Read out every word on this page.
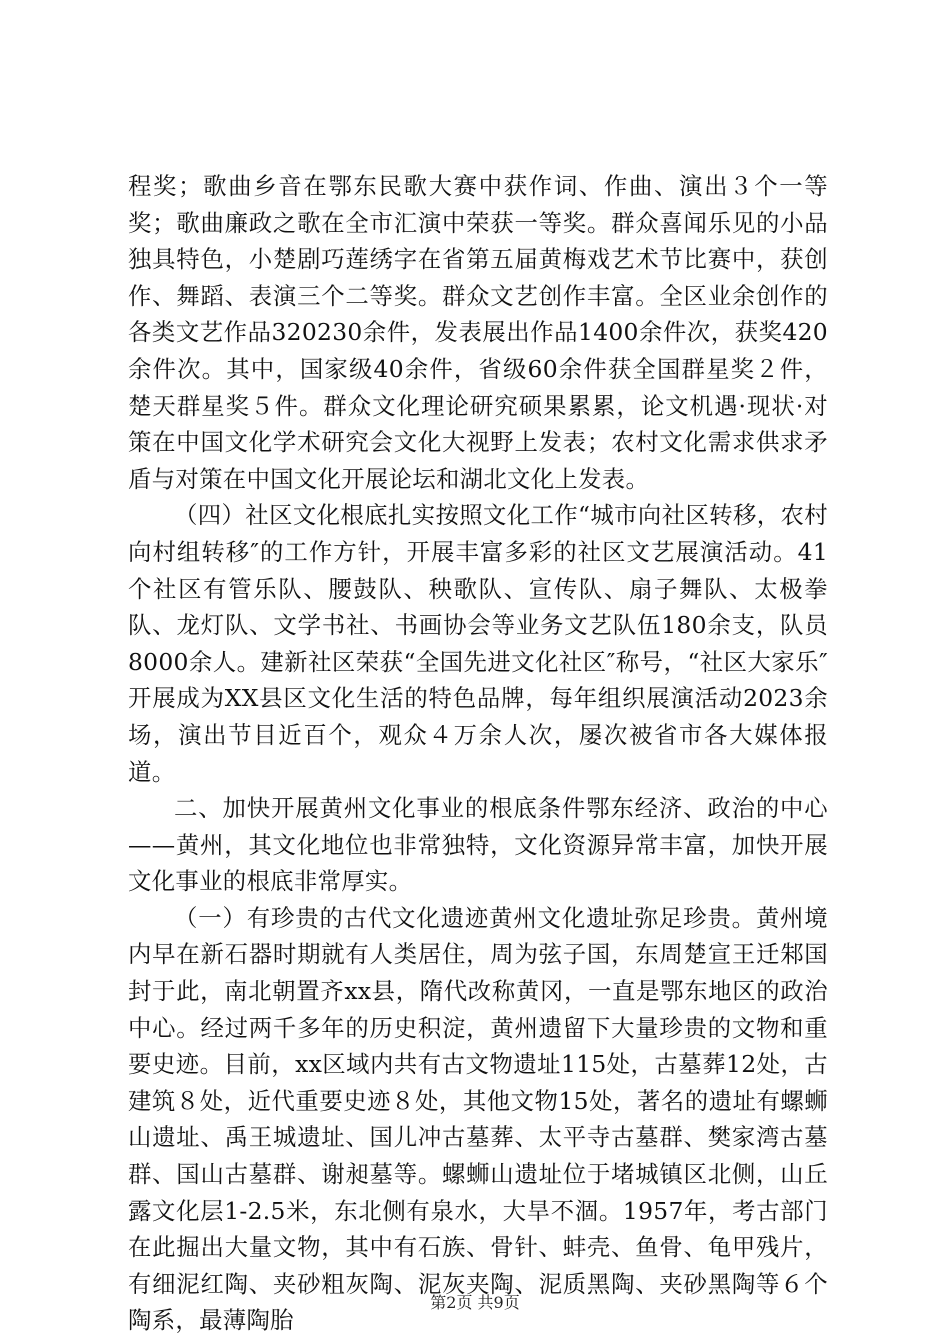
程奖；歌曲乡音在鄂东民歌大赛中获作词、作曲、演出３个一等奖；歌曲廉政之歌在全市汇演中荣获一等奖。群众喜闻乐见的小品独具特色，小楚剧巧莲绣字在省第五届黄梅戏艺术节比赛中，获创作、舞蹈、表演三个二等奖。群众文艺创作丰富。全区业余创作的各类文艺作品320230余件，发表展出作品1400余件次，获奖420余件次。其中，国家级40余件，省级60余件获全国群星奖２件，楚天群星奖５件。群众文化理论研究硕果累累，论文机遇·现状·对策在中国文化学术研究会文化大视野上发表；农村文化需求供求矛盾与对策在中国文化开展论坛和湖北文化上发表。

（四）社区文化根底扎实按照文化工作“城市向社区转移，农村向村组转移″的工作方针，开展丰富多彩的社区文艺展演活动。41个社区有管乐队、腰鼓队、秧歌队、宣传队、扇子舞队、太极拳队、龙灯队、文学书社、书画协会等业务文艺队伍180余支，队员8000余人。建新社区荣获“全国先进文化社区″称号，“社区大家乐″开展成为XX县区文化生活的特色品牌，每年组织展演活动2023余场，演出节目近百个，观众４万余人次，屡次被省市各大媒体报道。

二、加快开展黄州文化事业的根底条件鄂东经济、政治的中心——黄州，其文化地位也非常独特，文化资源异常丰富，加快开展文化事业的根底非常厚实。

（一）有珍贵的古代文化遗迹黄州文化遗址弥足珍贵。黄州境内早在新石器时期就有人类居住，周为弦子国，东周楚宣王迁邾国封于此，南北朝置齐xx县，隋代改称黄冈，一直是鄂东地区的政治中心。经过两千多年的历史积淀，黄州遗留下大量珍贵的文物和重要史迹。目前，xx区域内共有古文物遗址115处，古墓葬12处，古建筑８处，近代重要史迹８处，其他文物15处，著名的遗址有螺蛳山遗址、禹王城遗址、国儿冲古墓葬、太平寺古墓群、樊家湾古墓群、国山古墓群、谢昶墓等。螺蛳山遗址位于堵城镇区北侧，山丘露文化层1-2.5米，东北侧有泉水，大旱不涸。1957年，考古部门在此掘出大量文物，其中有石族、骨针、蚌壳、鱼骨、龟甲残片，有细泥红陶、夹砂粗灰陶、泥灰夹陶、泥质黑陶、夹砂黑陶等６个陶系，最薄陶胎

第2页 共9页
